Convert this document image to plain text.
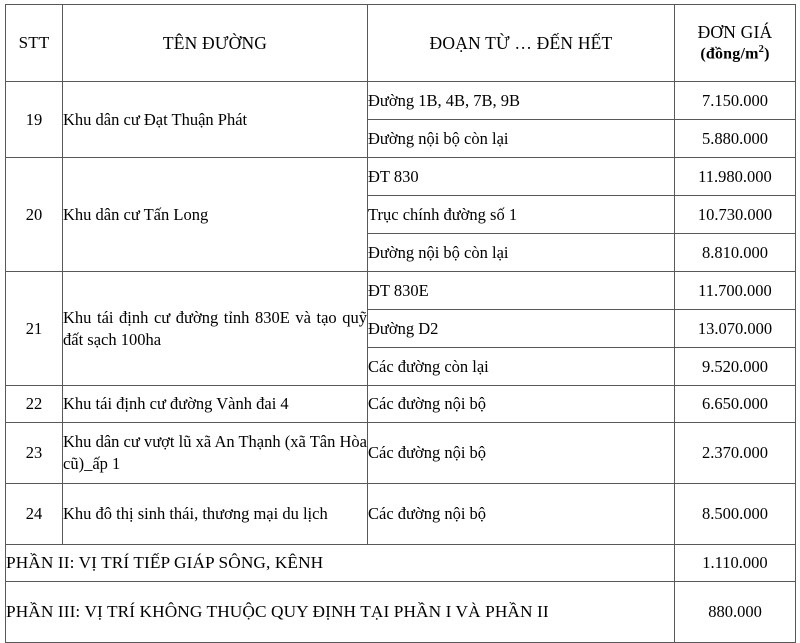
STT	TÊN ĐƯỜNG	ĐOẠN TỪ … ĐẾN HẾT	ĐƠN GIÁ
$(đồng/m^2)$

19	Khu dân cư Đạt Thuận Phát	Đường 1B, 4B, 7B, 9B	7.150.000
		Đường nội bộ còn lại	5.880.000
20	Khu dân cư Tấn Long	ĐT 830	11.980.000
		Trục chính đường số 1	10.730.000
		Đường nội bộ còn lại	8.810.000
21	Khu tái định cư đường tỉnh 830E và tạo quỹ đất sạch 100ha	ĐT 830E	11.700.000
		Đường D2	13.070.000
		Các đường còn lại	9.520.000
22	Khu tái định cư đường Vành đai 4	Các đường nội bộ	6.650.000
23	Khu dân cư vượt lũ xã An Thạnh (xã Tân Hòa cũ)_ấp 1	Các đường nội bộ	2.370.000
24	Khu đô thị sinh thái, thương mại du lịch	Các đường nội bộ	8.500.000
PHẦN II: VỊ TRÍ TIẾP GIÁP SÔNG, KÊNH			1.110.000
PHẦN III: VỊ TRÍ KHÔNG THUỘC QUY ĐỊNH TẠI PHẦN I VÀ PHẦN II			880.000
